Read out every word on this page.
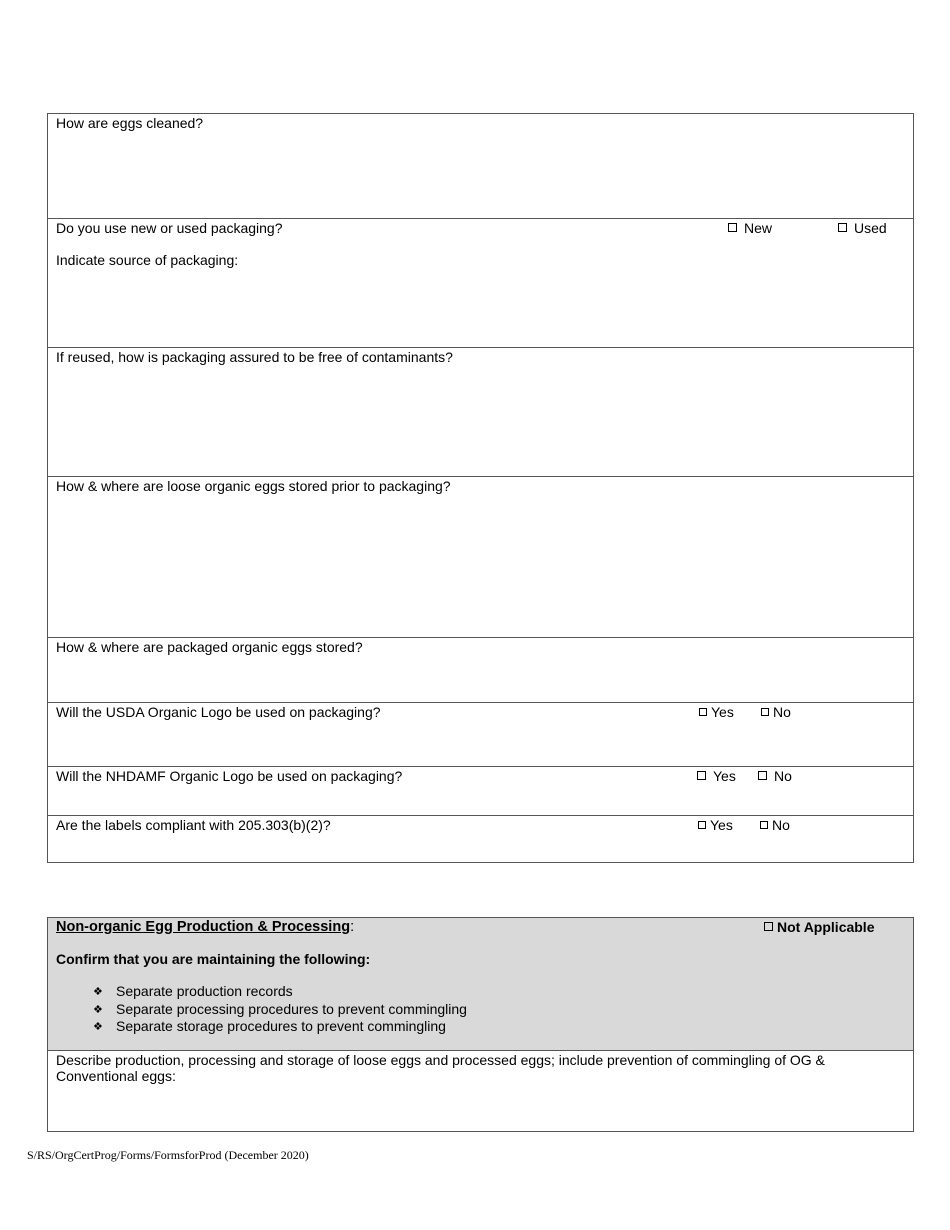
How are eggs cleaned?
Do you use new or used packaging?	New	Used
Indicate source of packaging:
If reused, how is packaging assured to be free of contaminants?
How & where are loose organic eggs stored prior to packaging?
How & where are packaged organic eggs stored?
Will the USDA Organic Logo be used on packaging?	Yes	No
Will the NHDAMF Organic Logo be used on packaging?	Yes	No
Are the labels compliant with 205.303(b)(2)?	Yes	No
Non-organic Egg Production & Processing:	Not Applicable
Confirm that you are maintaining the following:
❖ Separate production records
❖ Separate processing procedures to prevent commingling
❖ Separate storage procedures to prevent commingling
Describe production, processing and storage of loose eggs and processed eggs; include prevention of commingling of OG & Conventional eggs:
S/RS/OrgCertProg/Forms/FormsforProd (December 2020)
